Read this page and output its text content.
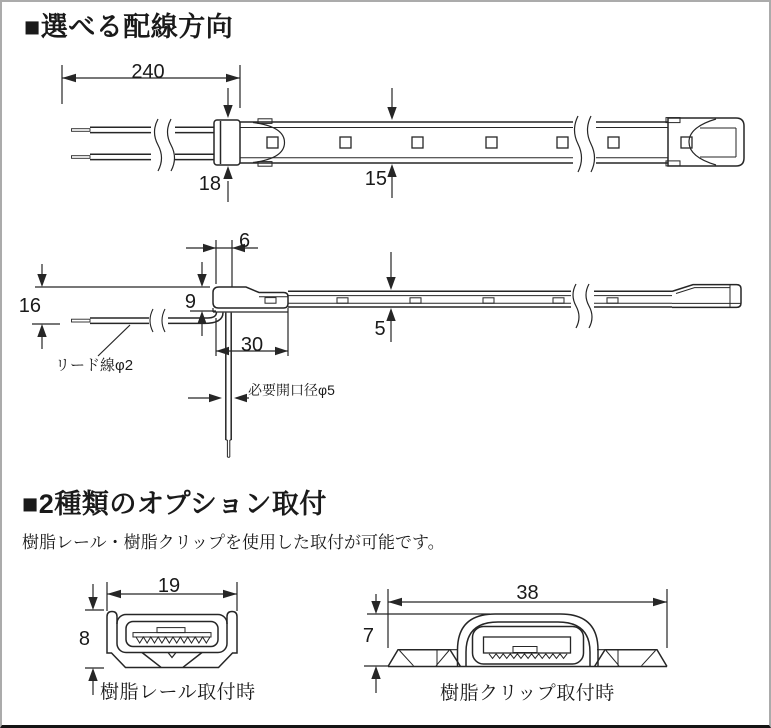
■選べる配線方向
240
18	15
6
9
16
5
30
リード線φ2
必要開口径φ5
■2種類のオプション取付
樹脂レール・樹脂クリップを使用した取付が可能です。
19
8
樹脂レール取付時
38
7
樹脂クリップ取付時
